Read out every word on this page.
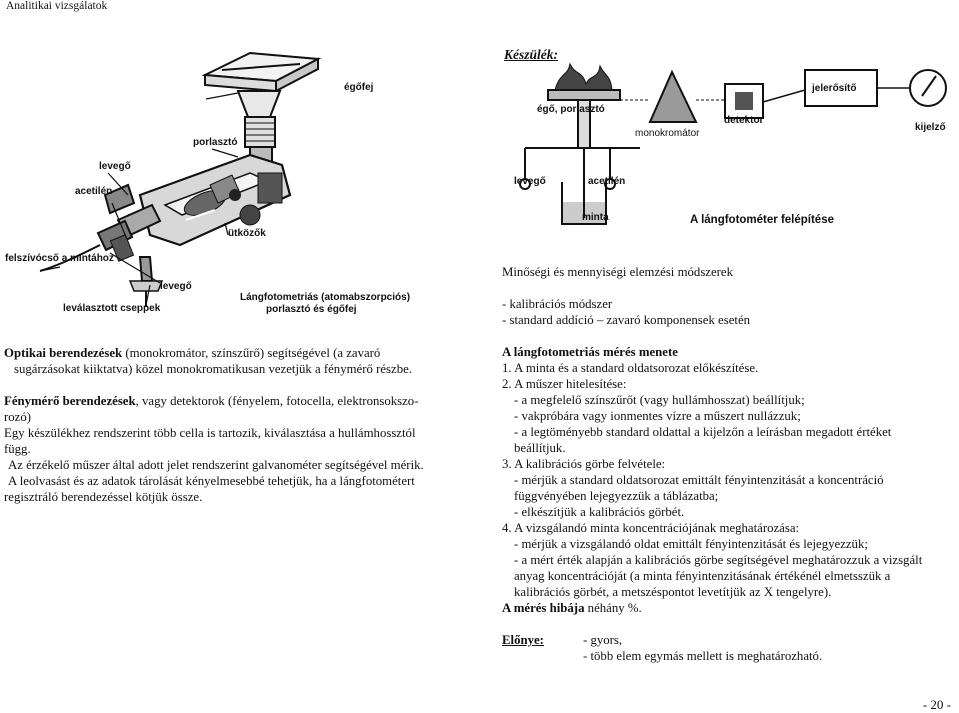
Analitikai vizsgálatok
Készülék:
égőfej
porlasztó
levegő
acetilén
ütközők
felszívócső a mintához
levegő
leválasztott cseppek
Lángfotometriás (atomabszorpciós)
porlasztó és égőfej
égő, porlasztó
monokromátor
detektor
jelerősítő
kijelző
levegő	acetilén
minta	A lángfotométer felépítése
Optikai berendezések (monokromátor, színszűrő) segítségével (a zavaró
sugárzásokat kiiktatva) közel monokromatikusan vezetjük a fénymérő részbe.
Fénymérő berendezések, vagy detektorok (fényelem, fotocella, elektronsokszo-
rozó)
Egy készülékhez rendszerint több cella is tartozik, kiválasztása a hullámhossztól
függ.
Az érzékelő műszer által adott jelet rendszerint galvanométer segítségével mérik.
A leolvasást és az adatok tárolását kényelmesebbé tehetjük, ha a lángfotométert
regisztráló berendezéssel kötjük össze.
Minőségi és mennyiségi elemzési módszerek
- kalibrációs módszer
- standard addíció – zavaró komponensek esetén
A lángfotometriás mérés menete
1. A minta és a standard oldatsorozat előkészítése.
2. A műszer hitelesítése:
- a megfelelő színszűrőt (vagy hullámhosszat) beállítjuk;
- vakpróbára vagy ionmentes vízre a műszert nullázzuk;
- a legtöményebb standard oldattal a kijelzőn a leírásban megadott értéket
beállítjuk.
3. A kalibrációs görbe felvétele:
- mérjük a standard oldatsorozat emittált fényintenzitását a koncentráció
függvényében lejegyezzük a táblázatba;
- elkészítjük a kalibrációs görbét.
4. A vizsgálandó minta koncentrációjának meghatározása:
- mérjük a vizsgálandó oldat emittált fényintenzitását és lejegyezzük;
- a mért érték alapján a kalibrációs görbe segítségével meghatározzuk a vizsgált
anyag koncentrációját (a minta fényintenzitásának értékénél elmetsszük a
kalibrációs görbét, a metszéspontot levetítjük az X tengelyre).
A mérés hibája néhány %.
Előnye:	- gyors,
- több elem egymás mellett is meghatározható.
- 20 -
